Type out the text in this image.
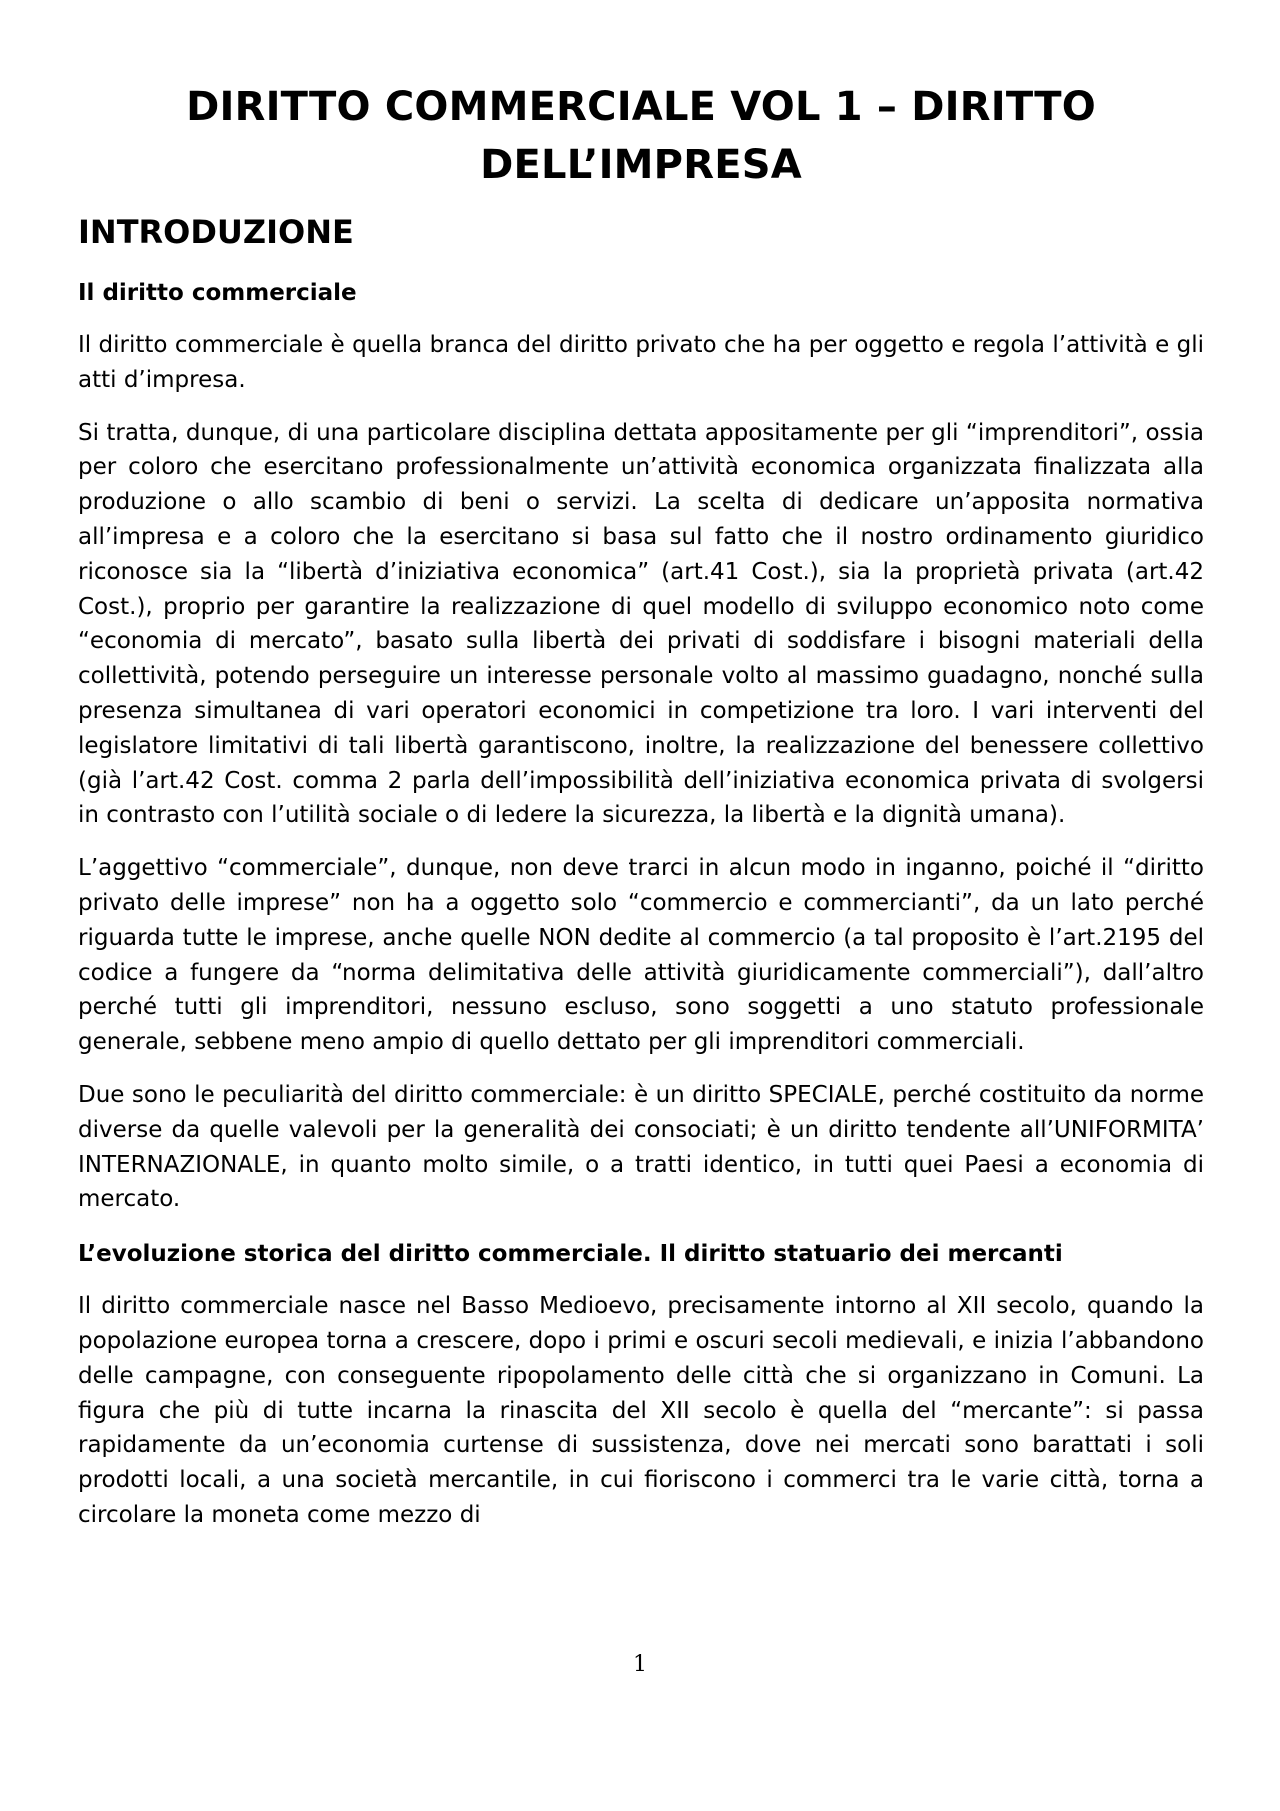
DIRITTO COMMERCIALE VOL 1 – DIRITTO DELL’IMPRESA
INTRODUZIONE
Il diritto commerciale

Il diritto commerciale è quella branca del diritto privato che ha per oggetto e regola l’attività e gli atti d’impresa.

Si tratta, dunque, di una particolare disciplina dettata appositamente per gli “imprenditori”, ossia per coloro che esercitano professionalmente un’attività economica organizzata finalizzata alla produzione o allo scambio di beni o servizi. La scelta di dedicare un’apposita normativa all’impresa e a coloro che la esercitano si basa sul fatto che il nostro ordinamento giuridico riconosce sia la “libertà d’iniziativa economica” (art.41 Cost.), sia la proprietà privata (art.42 Cost.), proprio per garantire la realizzazione di quel modello di sviluppo economico noto come “economia di mercato”, basato sulla libertà dei privati di soddisfare i bisogni materiali della collettività, potendo perseguire un interesse personale volto al massimo guadagno, nonché sulla presenza simultanea di vari operatori economici in competizione tra loro. I vari interventi del legislatore limitativi di tali libertà garantiscono, inoltre, la realizzazione del benessere collettivo (già l’art.42 Cost. comma 2 parla dell’impossibilità dell’iniziativa economica privata di svolgersi in contrasto con l’utilità sociale o di ledere la sicurezza, la libertà e la dignità umana).

L’aggettivo “commerciale”, dunque, non deve trarci in alcun modo in inganno, poiché il “diritto privato delle imprese” non ha a oggetto solo “commercio e commercianti”, da un lato perché riguarda tutte le imprese, anche quelle NON dedite al commercio (a tal proposito è l’art.2195 del codice a fungere da “norma delimitativa delle attività giuridicamente commerciali”), dall’altro perché tutti gli imprenditori, nessuno escluso, sono soggetti a uno statuto professionale generale, sebbene meno ampio di quello dettato per gli imprenditori commerciali.

Due sono le peculiarità del diritto commerciale: è un diritto SPECIALE, perché costituito da norme diverse da quelle valevoli per la generalità dei consociati; è un diritto tendente all’UNIFORMITA’ INTERNAZIONALE, in quanto molto simile, o a tratti identico, in tutti quei Paesi a economia di mercato.

L’evoluzione storica del diritto commerciale. Il diritto statuario dei mercanti

Il diritto commerciale nasce nel Basso Medioevo, precisamente intorno al XII secolo, quando la popolazione europea torna a crescere, dopo i primi e oscuri secoli medievali, e inizia l’abbandono delle campagne, con conseguente ripopolamento delle città che si organizzano in Comuni. La figura che più di tutte incarna la rinascita del XII secolo è quella del “mercante”: si passa rapidamente da un’economia curtense di sussistenza, dove nei mercati sono barattati i soli prodotti locali, a una società mercantile, in cui fioriscono i commerci tra le varie città, torna a circolare la moneta come mezzo di

1
